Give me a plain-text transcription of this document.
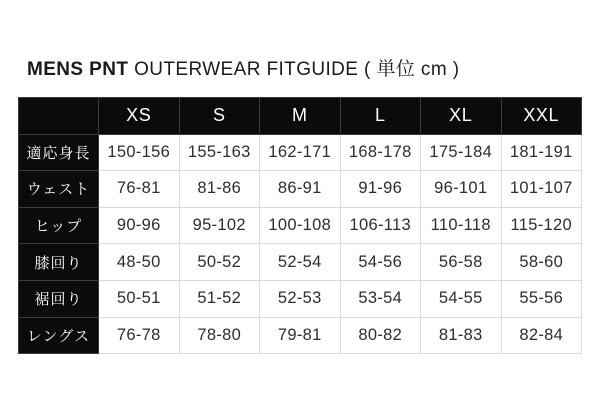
MENS PNT OUTERWEAR FITGUIDE ( 単位 cm )
	XS	S	M	L	XL	XXL
適応身長	150-156	155-163	162-171	168-178	175-184	181-191
ウェスト	76-81	81-86	86-91	91-96	96-101	101-107
ヒップ	90-96	95-102	100-108	106-113	110-118	115-120
膝回り	48-50	50-52	52-54	54-56	56-58	58-60
裾回り	50-51	51-52	52-53	53-54	54-55	55-56
レングス	76-78	78-80	79-81	80-82	81-83	82-84
